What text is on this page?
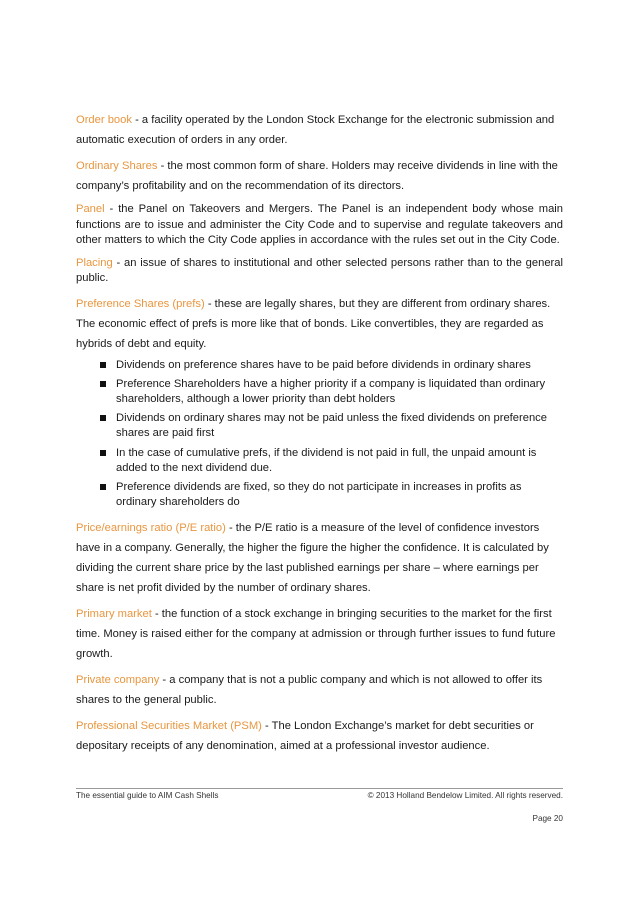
Order book - a facility operated by the London Stock Exchange for the electronic submission and automatic execution of orders in any order.

Ordinary Shares - the most common form of share. Holders may receive dividends in line with the company’s profitability and on the recommendation of its directors.

Panel - the Panel on Takeovers and Mergers. The Panel is an independent body whose main functions are to issue and administer the City Code and to supervise and regulate takeovers and other matters to which the City Code applies in accordance with the rules set out in the City Code.

Placing - an issue of shares to institutional and other selected persons rather than to the general public.

Preference Shares (prefs) - these are legally shares, but they are different from ordinary shares. The economic effect of prefs is more like that of bonds. Like convertibles, they are regarded as hybrids of debt and equity.

Dividends on preference shares have to be paid before dividends in ordinary shares
Preference Shareholders have a higher priority if a company is liquidated than ordinary shareholders, although a lower priority than debt holders
Dividends on ordinary shares may not be paid unless the fixed dividends on preference shares are paid first
In the case of cumulative prefs, if the dividend is not paid in full, the unpaid amount is added to the next dividend due.
Preference dividends are fixed, so they do not participate in increases in profits as ordinary shareholders do

Price/earnings ratio (P/E ratio) - the P/E ratio is a measure of the level of confidence investors have in a company. Generally, the higher the figure the higher the confidence. It is calculated by dividing the current share price by the last published earnings per share – where earnings per share is net profit divided by the number of ordinary shares.

Primary market - the function of a stock exchange in bringing securities to the market for the first time. Money is raised either for the company at admission or through further issues to fund future growth.

Private company - a company that is not a public company and which is not allowed to offer its shares to the general public.

Professional Securities Market (PSM) - The London Exchange’s market for debt securities or depositary receipts of any denomination, aimed at a professional investor audience.

The essential guide to AIM Cash Shells	© 2013 Holland Bendelow Limited. All rights reserved.
Page 20
